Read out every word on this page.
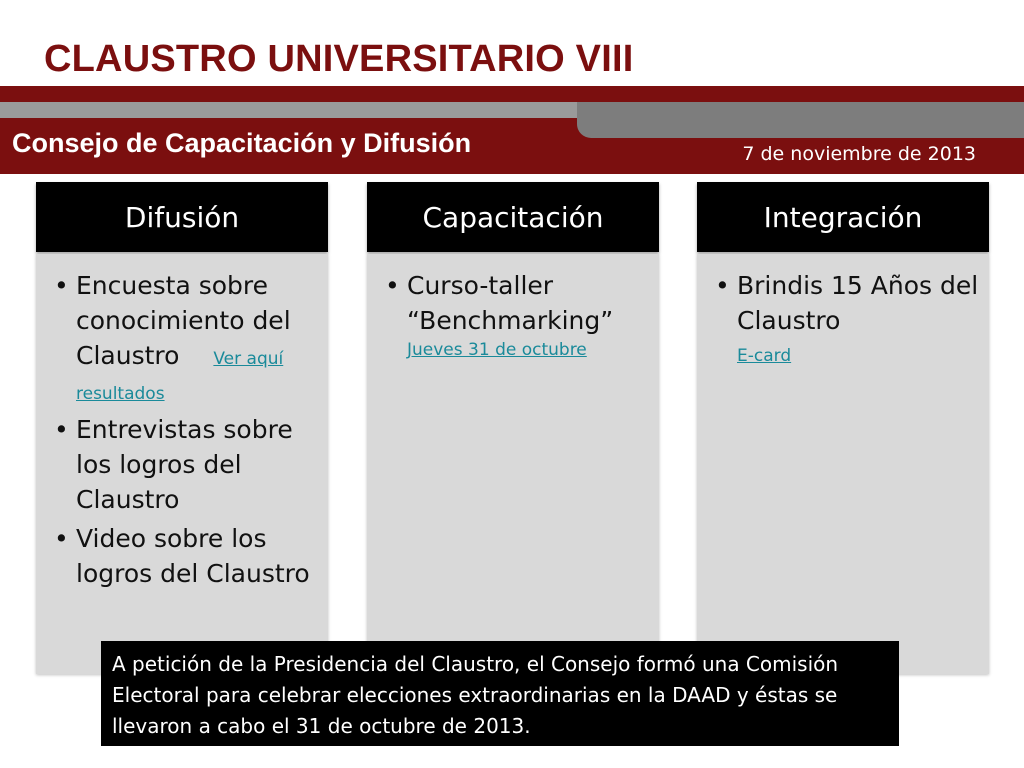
CLAUSTRO UNIVERSITARIO VIII
Consejo de Capacitación y Difusión	7 de noviembre de 2013
Difusión
• Encuesta sobre conocimiento del Claustro Ver aquí resultados
• Entrevistas sobre los logros del Claustro
• Video sobre los logros del Claustro
Capacitación
• Curso-taller “Benchmarking”
Jueves 31 de octubre
Integración
• Brindis 15 Años del Claustro
E-card
A petición de la Presidencia del Claustro, el Consejo formó una Comisión Electoral para celebrar elecciones extraordinarias en la DAAD y éstas se llevaron a cabo el 31 de octubre de 2013.
